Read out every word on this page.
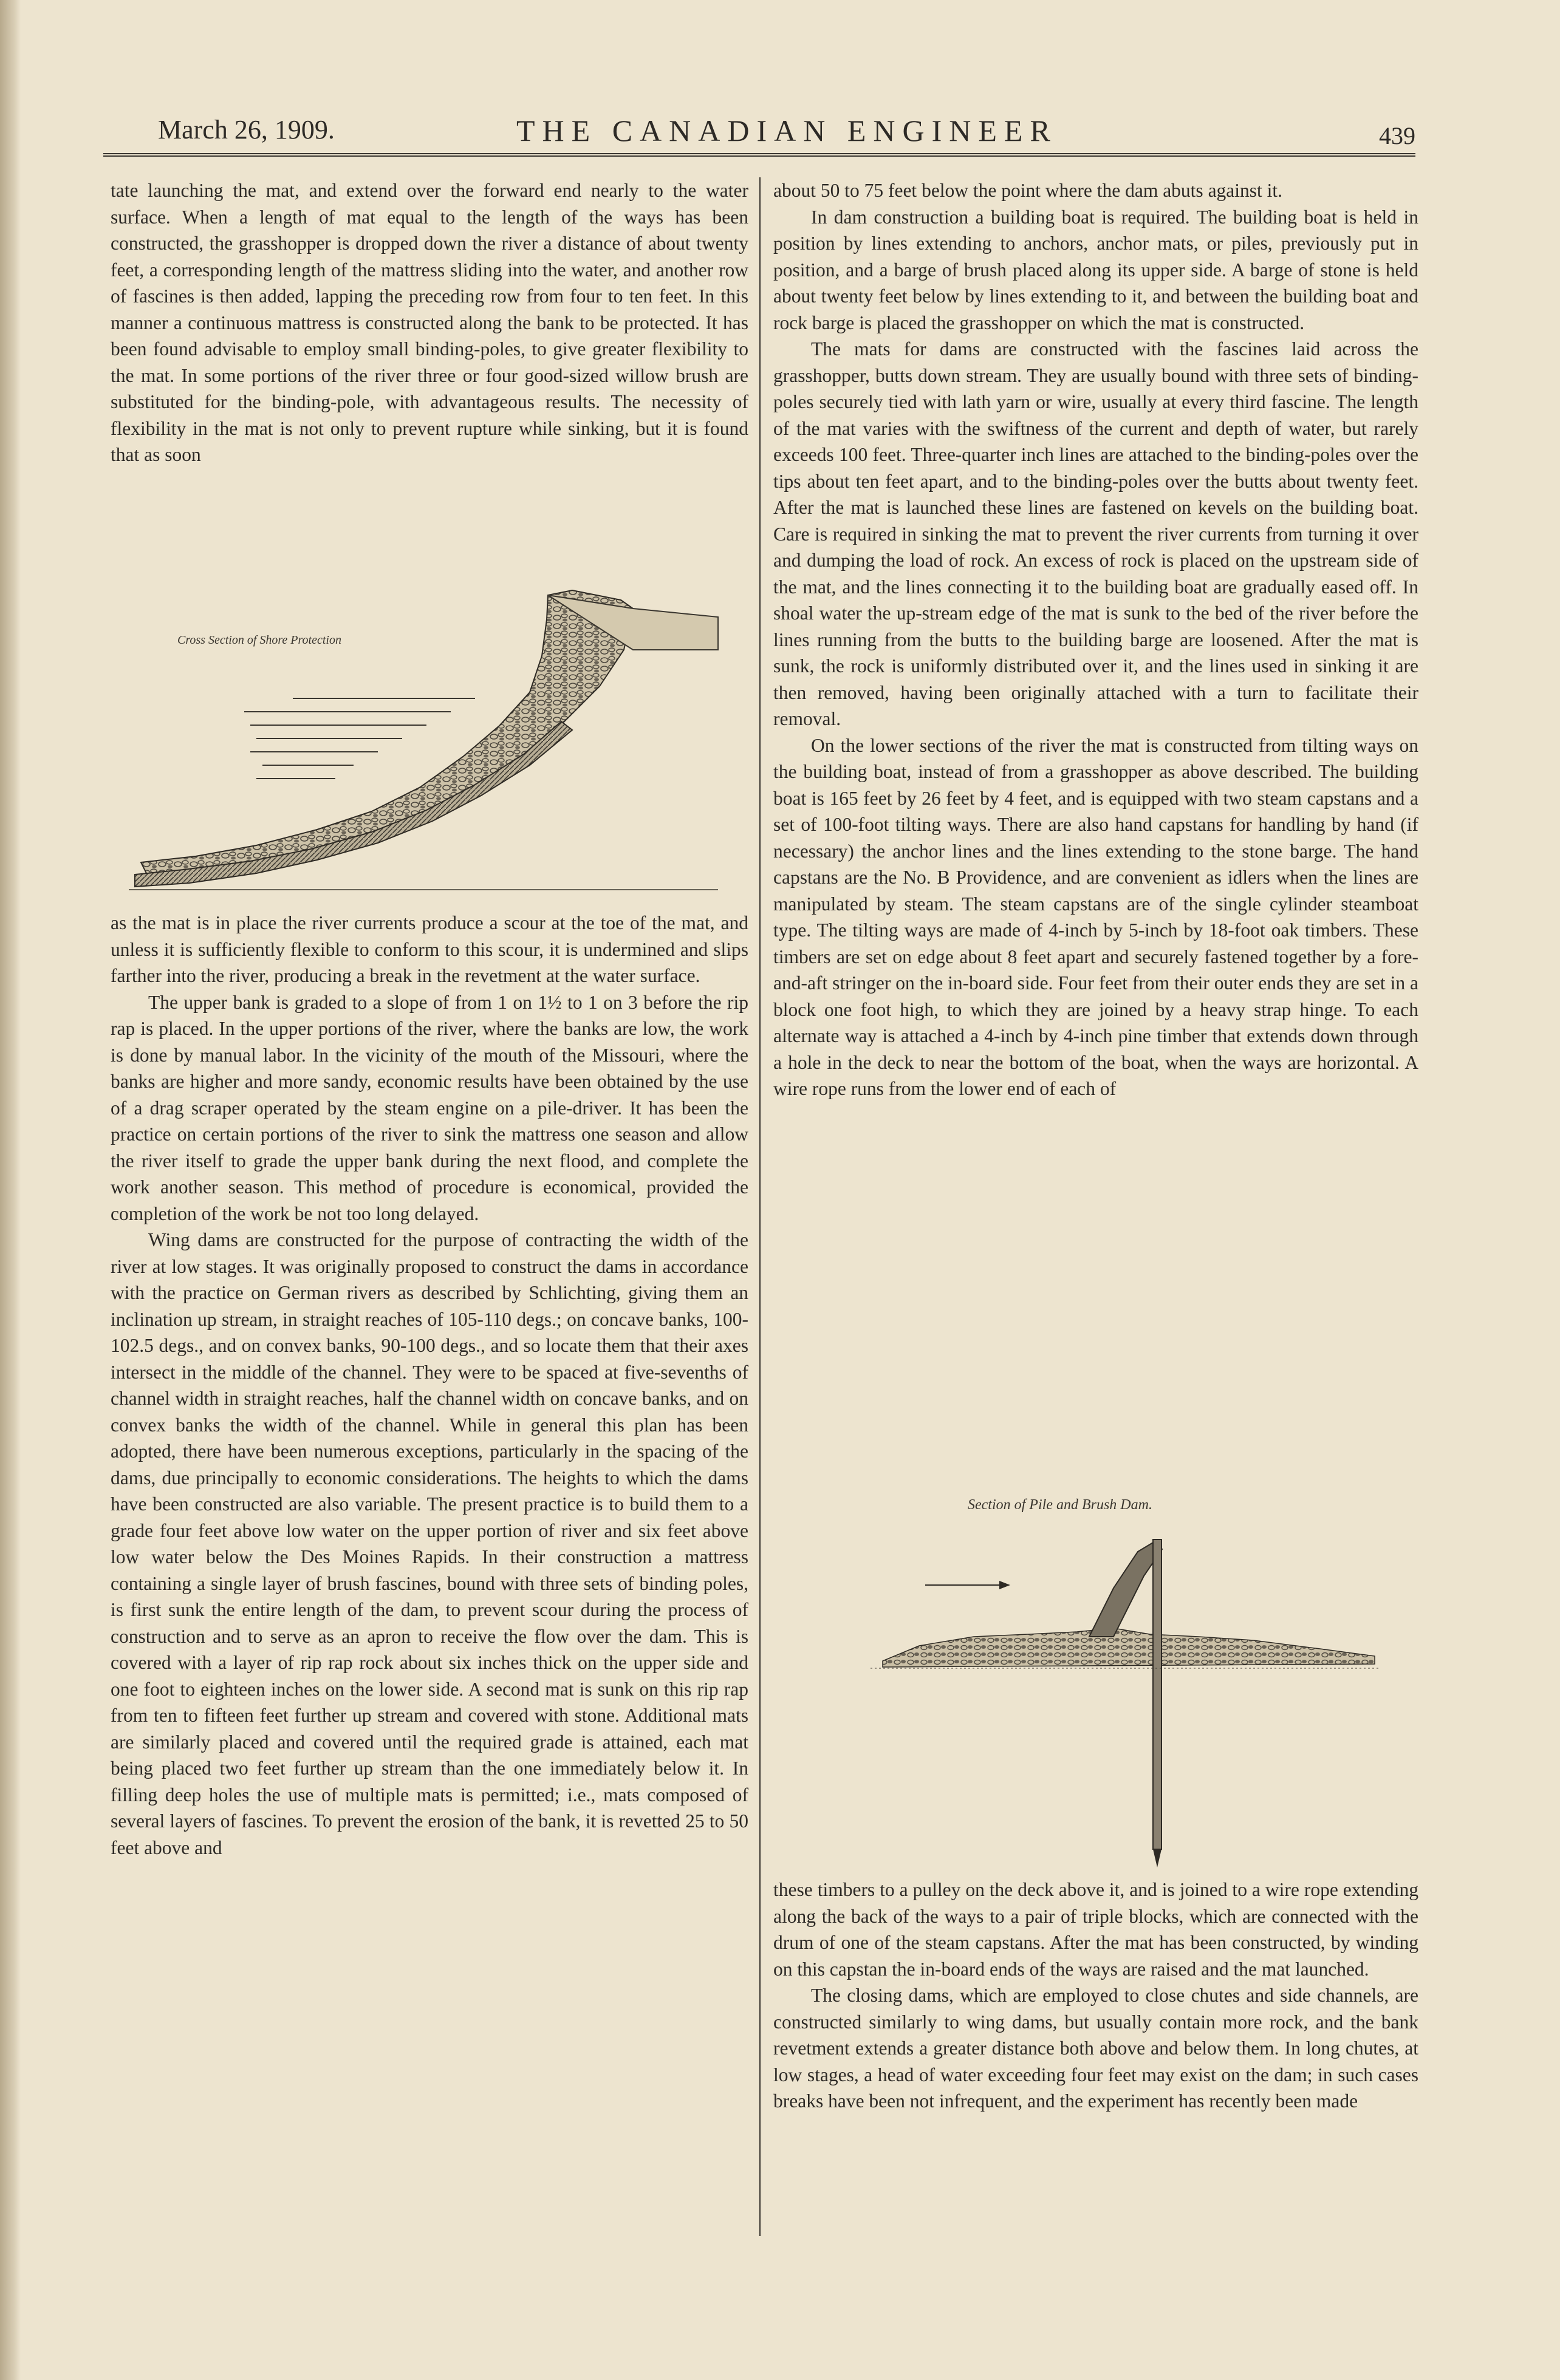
March 26, 1909.	THE CANADIAN ENGINEER	439

tate launching the mat, and extend over the forward end nearly to the water surface. When a length of mat equal to the length of the ways has been constructed, the grasshopper is dropped down the river a distance of about twenty feet, a corresponding length of the mattress sliding into the water, and another row of fascines is then added, lapping the preceding row from four to ten feet. In this manner a continuous mattress is constructed along the bank to be protected. It has been found advisable to employ small binding-poles, to give greater flexibility to the mat. In some portions of the river three or four good-sized willow brush are substituted for the binding-pole, with advantageous results. The necessity of flexibility in the mat is not only to prevent rupture while sinking, but it is found that as soon

Cross Section of Shore Protection

as the mat is in place the river currents produce a scour at the toe of the mat, and unless it is sufficiently flexible to conform to this scour, it is undermined and slips farther into the river, producing a break in the revetment at the water surface.

The upper bank is graded to a slope of from 1 on 1½ to 1 on 3 before the rip rap is placed. In the upper portions of the river, where the banks are low, the work is done by manual labor. In the vicinity of the mouth of the Missouri, where the banks are higher and more sandy, economic results have been obtained by the use of a drag scraper operated by the steam engine on a pile-driver. It has been the practice on certain portions of the river to sink the mattress one season and allow the river itself to grade the upper bank during the next flood, and complete the work another season. This method of procedure is economical, provided the completion of the work be not too long delayed.

Wing dams are constructed for the purpose of contracting the width of the river at low stages. It was originally proposed to construct the dams in accordance with the practice on German rivers as described by Schlichting, giving them an inclination up stream, in straight reaches of 105-110 degs.; on concave banks, 100-102.5 degs., and on convex banks, 90-100 degs., and so locate them that their axes intersect in the middle of the channel. They were to be spaced at five-sevenths of channel width in straight reaches, half the channel width on concave banks, and on convex banks the width of the channel. While in general this plan has been adopted, there have been numerous exceptions, particularly in the spacing of the dams, due principally to economic considerations. The heights to which the dams have been constructed are also variable. The present practice is to build them to a grade four feet above low water on the upper portion of river and six feet above low water below the Des Moines Rapids. In their construction a mattress containing a single layer of brush fascines, bound with three sets of binding poles, is first sunk the entire length of the dam, to prevent scour during the process of construction and to serve as an apron to receive the flow over the dam. This is covered with a layer of rip rap rock about six inches thick on the upper side and one foot to eighteen inches on the lower side. A second mat is sunk on this rip rap from ten to fifteen feet further up stream and covered with stone. Additional mats are similarly placed and covered until the required grade is attained, each mat being placed two feet further up stream than the one immediately below it. In filling deep holes the use of multiple mats is permitted; i.e., mats composed of several layers of fascines. To prevent the erosion of the bank, it is revetted 25 to 50 feet above and

about 50 to 75 feet below the point where the dam abuts against it.

In dam construction a building boat is required. The building boat is held in position by lines extending to anchors, anchor mats, or piles, previously put in position, and a barge of brush placed along its upper side. A barge of stone is held about twenty feet below by lines extending to it, and between the building boat and rock barge is placed the grasshopper on which the mat is constructed.

The mats for dams are constructed with the fascines laid across the grasshopper, butts down stream. They are usually bound with three sets of binding-poles securely tied with lath yarn or wire, usually at every third fascine. The length of the mat varies with the swiftness of the current and depth of water, but rarely exceeds 100 feet. Three-quarter inch lines are attached to the binding-poles over the tips about ten feet apart, and to the binding-poles over the butts about twenty feet. After the mat is launched these lines are fastened on kevels on the building boat. Care is required in sinking the mat to prevent the river currents from turning it over and dumping the load of rock. An excess of rock is placed on the upstream side of the mat, and the lines connecting it to the building boat are gradually eased off. In shoal water the up-stream edge of the mat is sunk to the bed of the river before the lines running from the butts to the building barge are loosened. After the mat is sunk, the rock is uniformly distributed over it, and the lines used in sinking it are then removed, having been originally attached with a turn to facilitate their removal.

On the lower sections of the river the mat is constructed from tilting ways on the building boat, instead of from a grasshopper as above described. The building boat is 165 feet by 26 feet by 4 feet, and is equipped with two steam capstans and a set of 100-foot tilting ways. There are also hand capstans for handling by hand (if necessary) the anchor lines and the lines extending to the stone barge. The hand capstans are the No. B Providence, and are convenient as idlers when the lines are manipulated by steam. The steam capstans are of the single cylinder steamboat type. The tilting ways are made of 4-inch by 5-inch by 18-foot oak timbers. These timbers are set on edge about 8 feet apart and securely fastened together by a fore-and-aft stringer on the in-board side. Four feet from their outer ends they are set in a block one foot high, to which they are joined by a heavy strap hinge. To each alternate way is attached a 4-inch by 4-inch pine timber that extends down through a hole in the deck to near the bottom of the boat, when the ways are horizontal. A wire rope runs from the lower end of each of

Section of Pile and Brush Dam.

these timbers to a pulley on the deck above it, and is joined to a wire rope extending along the back of the ways to a pair of triple blocks, which are connected with the drum of one of the steam capstans. After the mat has been constructed, by winding on this capstan the in-board ends of the ways are raised and the mat launched.

The closing dams, which are employed to close chutes and side channels, are constructed similarly to wing dams, but usually contain more rock, and the bank revetment extends a greater distance both above and below them. In long chutes, at low stages, a head of water exceeding four feet may exist on the dam; in such cases breaks have been not infrequent, and the experiment has recently been made
